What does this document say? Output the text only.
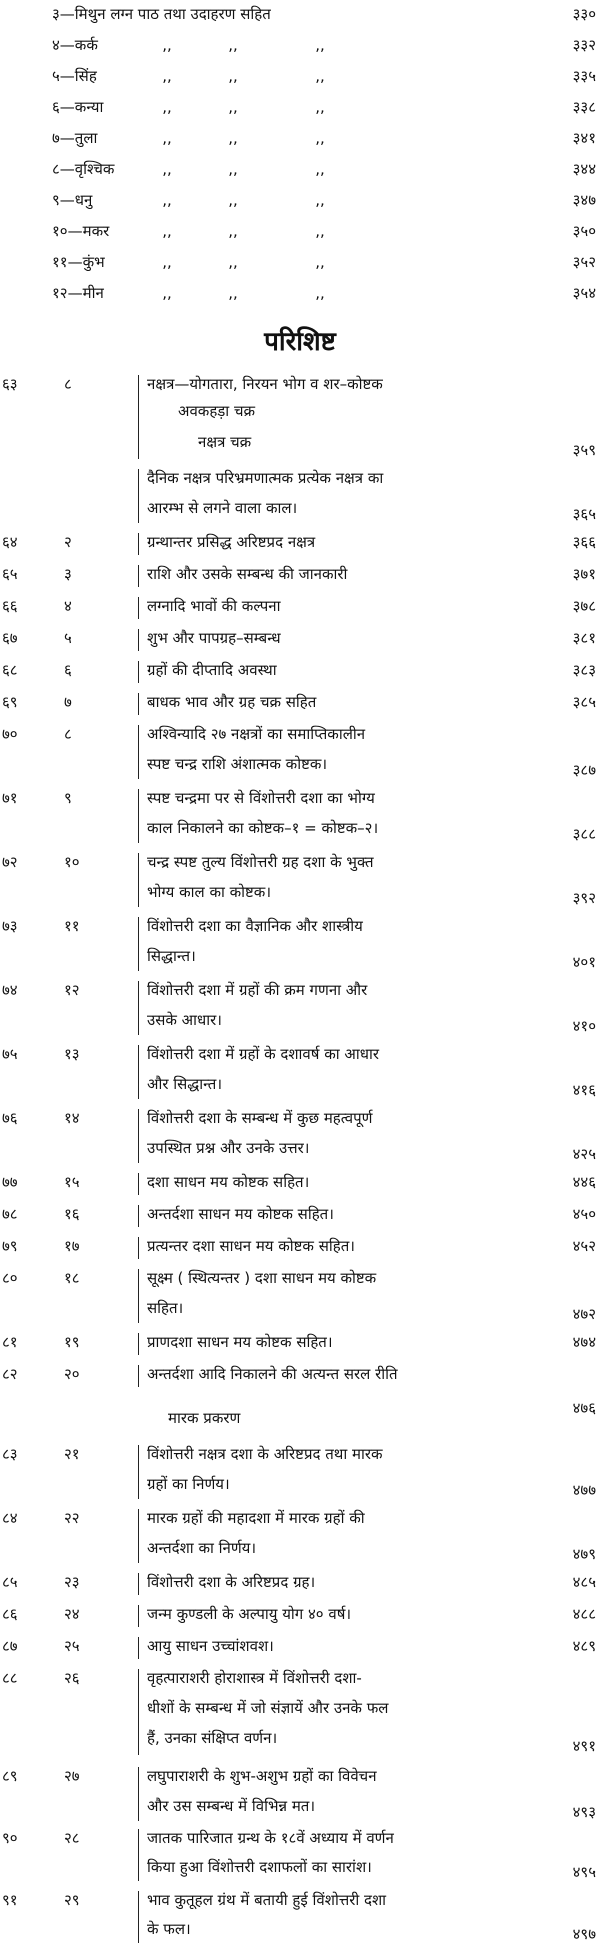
३—मिथुन लग्न पाठ तथा उदाहरण सहित	३३०
४—कर्क	,,	,,	,,	३३२
५—सिंह	,,	,,	,,	३३५
६—कन्या	,,	,,	,,	३३८
७—तुला	,,	,,	,,	३४१
८—वृश्चिक	,,	,,	,,	३४४
९—धनु	,,	,,	,,	३४७
१०—मकर	,,	,,	,,	३५०
११—कुंभ	,,	,,	,,	३५२
१२—मीन	,,	,,	,,	३५४
परिशिष्ट
६३	८	नक्षत्र—योगतारा, निरयन भोग व शर–कोष्टक
अवकहड़ा चक्र
नक्षत्र चक्र	३५९
दैनिक नक्षत्र परिभ्रमणात्मक प्रत्येक नक्षत्र का
आरम्भ से लगने वाला काल।	३६५
६४	२	ग्रन्थान्तर प्रसिद्ध अरिष्टप्रद नक्षत्र	३६६
६५	३	राशि और उसके सम्बन्ध की जानकारी	३७१
६६	४	लग्नादि भावों की कल्पना	३७८
६७	५	शुभ और पापग्रह–सम्बन्ध	३८१
६८	६	ग्रहों की दीप्तादि अवस्था	३८३
६९	७	बाधक भाव और ग्रह चक्र सहित	३८५
७०	८	अश्विन्यादि २७ नक्षत्रों का समाप्तिकालीन
स्पष्ट चन्द्र राशि अंशात्मक कोष्टक।	३८७
७१	९	स्पष्ट चन्द्रमा पर से विंशोत्तरी दशा का भोग्य
काल निकालने का कोष्टक–१ = कोष्टक–२।	३८८
७२	१०	चन्द्र स्पष्ट तुल्य विंशोत्तरी ग्रह दशा के भुक्त
भोग्य काल का कोष्टक।	३९२
७३	११	विंशोत्तरी दशा का वैज्ञानिक और शास्त्रीय
सिद्धान्त।	४०१
७४	१२	विंशोत्तरी दशा में ग्रहों की क्रम गणना और
उसके आधार।	४१०
७५	१३	विंशोत्तरी दशा में ग्रहों के दशावर्ष का आधार
और सिद्धान्त।	४१६
७६	१४	विंशोत्तरी दशा के सम्बन्ध में कुछ महत्वपूर्ण
उपस्थित प्रश्न और उनके उत्तर।	४२५
७७	१५	दशा साधन मय कोष्टक सहित।	४४६
७८	१६	अन्तर्दशा साधन मय कोष्टक सहित।	४५०
७९	१७	प्रत्यन्तर दशा साधन मय कोष्टक सहित।	४५२
८०	१८	सूक्ष्म ( स्थित्यन्तर ) दशा साधन मय कोष्टक
सहित।	४७२
८१	१९	प्राणदशा साधन मय कोष्टक सहित।	४७४
८२	२०	अन्तर्दशा आदि निकालने की अत्यन्त सरल रीति
४७६
मारक प्रकरण
८३	२१	विंशोत्तरी नक्षत्र दशा के अरिष्टप्रद तथा मारक
ग्रहों का निर्णय।	४७७
८४	२२	मारक ग्रहों की महादशा में मारक ग्रहों की
अन्तर्दशा का निर्णय।	४७९
८५	२३	विंशोत्तरी दशा के अरिष्टप्रद ग्रह।	४८५
८६	२४	जन्म कुण्डली के अल्पायु योग ४० वर्ष।	४८८
८७	२५	आयु साधन उच्चांशवश।	४८९
८८	२६	वृहत्पाराशरी होराशास्त्र में विंशोत्तरी दशा-
धीशों के सम्बन्ध में जो संज्ञायें और उनके फल
हैं, उनका संक्षिप्त वर्णन।	४९१
८९	२७	लघुपाराशरी के शुभ-अशुभ ग्रहों का विवेचन
और उस सम्बन्ध में विभिन्न मत।	४९३
९०	२८	जातक पारिजात ग्रन्थ के १८वें अध्याय में वर्णन
किया हुआ विंशोत्तरी दशाफलों का सारांश।	४९५
९१	२९	भाव कुतूहल ग्रंथ में बतायी हुई विंशोत्तरी दशा
के फल।	४९७
